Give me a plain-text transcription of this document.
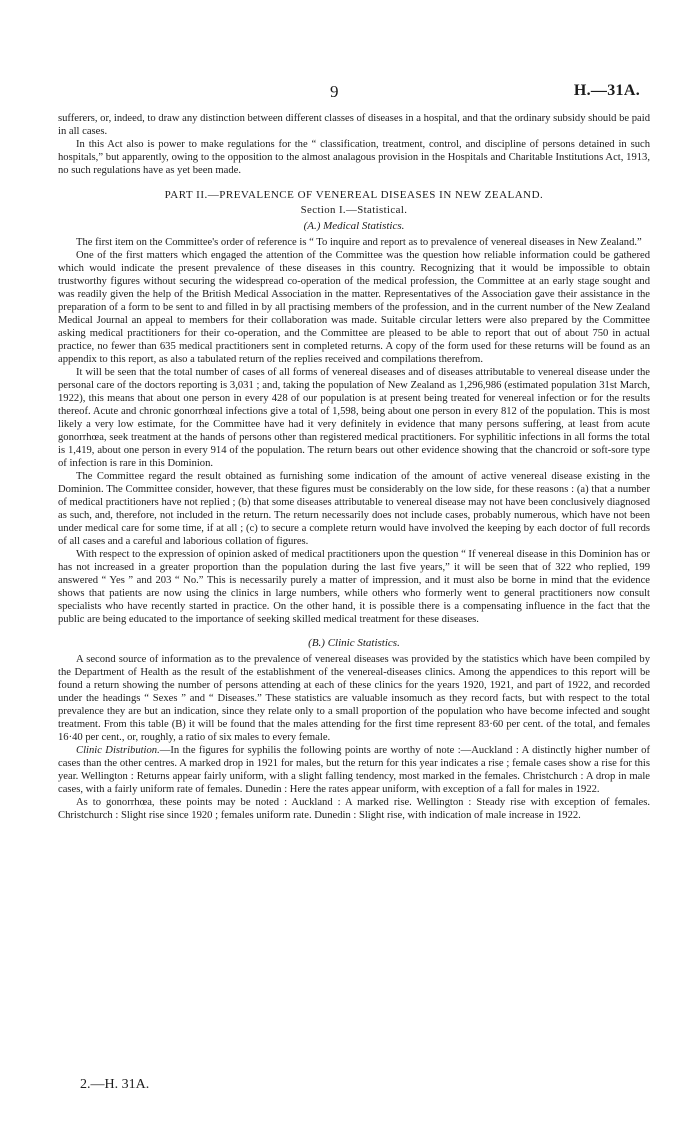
9	H.—31A.

sufferers, or, indeed, to draw any distinction between different classes of diseases in a hospital, and that the ordinary subsidy should be paid in all cases.

In this Act also is power to make regulations for the “ classification, treatment, control, and discipline of persons detained in such hospitals,” but apparently, owing to the opposition to the almost analagous provision in the Hospitals and Charitable Institutions Act, 1913, no such regulations have as yet been made.

PART II.—PREVALENCE OF VENEREAL DISEASES IN NEW ZEALAND.
Section I.—Statistical.
(A.) Medical Statistics.

The first item on the Committee's order of reference is “ To inquire and report as to prevalence of venereal diseases in New Zealand.”

One of the first matters which engaged the attention of the Committee was the question how reliable information could be gathered which would indicate the present prevalence of these diseases in this country. Recognizing that it would be impossible to obtain trustworthy figures without securing the widespread co-operation of the medical profession, the Committee at an early stage sought and was readily given the help of the British Medical Association in the matter. Representatives of the Association gave their assistance in the preparation of a form to be sent to and filled in by all practising members of the profession, and in the current number of the New Zealand Medical Journal an appeal to members for their collaboration was made. Suitable circular letters were also prepared by the Committee asking medical practitioners for their co-operation, and the Committee are pleased to be able to report that out of about 750 in actual practice, no fewer than 635 medical practitioners sent in completed returns. A copy of the form used for these returns will be found as an appendix to this report, as also a tabulated return of the replies received and compilations therefrom.

It will be seen that the total number of cases of all forms of venereal diseases and of diseases attributable to venereal disease under the personal care of the doctors reporting is 3,031 ; and, taking the population of New Zealand as 1,296,986 (estimated population 31st March, 1922), this means that about one person in every 428 of our population is at present being treated for venereal infection or for the results thereof. Acute and chronic gonorrhœal infections give a total of 1,598, being about one person in every 812 of the population. This is most likely a very low estimate, for the Committee have had it very definitely in evidence that many persons suffering, at least from acute gonorrhœa, seek treatment at the hands of persons other than registered medical practitioners. For syphilitic infections in all forms the total is 1,419, about one person in every 914 of the population. The return bears out other evidence showing that the chancroid or soft-sore type of infection is rare in this Dominion.

The Committee regard the result obtained as furnishing some indication of the amount of active venereal disease existing in the Dominion. The Committee consider, however, that these figures must be considerably on the low side, for these reasons : (a) that a number of medical practitioners have not replied ; (b) that some diseases attributable to venereal disease may not have been conclusively diagnosed as such, and, therefore, not included in the return. The return necessarily does not include cases, probably numerous, which have not been under medical care for some time, if at all ; (c) to secure a complete return would have involved the keeping by each doctor of full records of all cases and a careful and laborious collation of figures.

With respect to the expression of opinion asked of medical practitioners upon the question “ If venereal disease in this Dominion has or has not increased in a greater proportion than the population during the last five years,” it will be seen that of 322 who replied, 199 answered “ Yes ” and 203 “ No.” This is necessarily purely a matter of impression, and it must also be borne in mind that the evidence shows that patients are now using the clinics in large numbers, while others who formerly went to general practitioners now consult specialists who have recently started in practice. On the other hand, it is possible there is a compensating influence in the fact that the public are being educated to the importance of seeking skilled medical treatment for these diseases.

(B.) Clinic Statistics.

A second source of information as to the prevalence of venereal diseases was provided by the statistics which have been compiled by the Department of Health as the result of the establishment of the venereal-diseases clinics. Among the appendices to this report will be found a return showing the number of persons attending at each of these clinics for the years 1920, 1921, and part of 1922, and recorded under the headings “ Sexes ” and “ Diseases.” These statistics are valuable insomuch as they record facts, but with respect to the total prevalence they are but an indication, since they relate only to a small proportion of the population who have become infected and sought treatment. From this table (B) it will be found that the males attending for the first time represent 83·60 per cent. of the total, and females 16·40 per cent., or, roughly, a ratio of six males to every female.

Clinic Distribution.—In the figures for syphilis the following points are worthy of note :—Auckland : A distinctly higher number of cases than the other centres. A marked drop in 1921 for males, but the return for this year indicates a rise ; female cases show a rise for this year. Wellington : Returns appear fairly uniform, with a slight falling tendency, most marked in the females. Christchurch : A drop in male cases, with a fairly uniform rate of females. Dunedin : Here the rates appear uniform, with exception of a fall for males in 1922.

As to gonorrhœa, these points may be noted : Auckland : A marked rise. Wellington : Steady rise with exception of females. Christchurch : Slight rise since 1920 ; females uniform rate. Dunedin : Slight rise, with indication of male increase in 1922.

2.—H. 31A.
